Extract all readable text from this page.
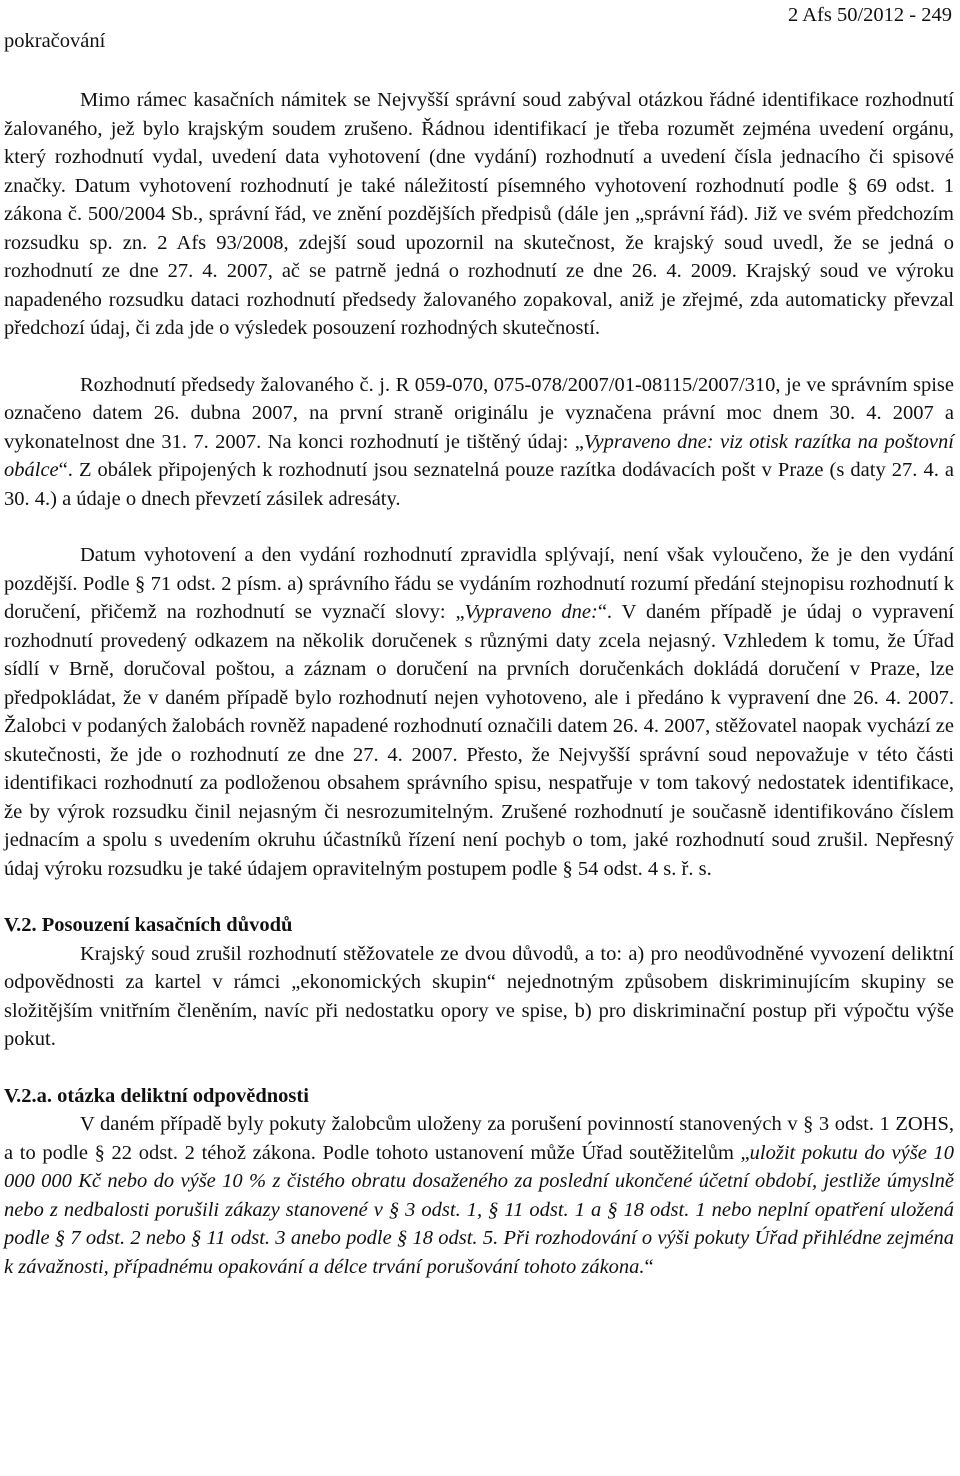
pokračování
2 Afs 50/2012 - 249

Mimo rámec kasačních námitek se Nejvyšší správní soud zabýval otázkou řádné identifikace rozhodnutí žalovaného, jež bylo krajským soudem zrušeno. Řádnou identifikací je třeba rozumět zejména uvedení orgánu, který rozhodnutí vydal, uvedení data vyhotovení (dne vydání) rozhodnutí a uvedení čísla jednacího či spisové značky. Datum vyhotovení rozhodnutí je také náležitostí písemného vyhotovení rozhodnutí podle § 69 odst. 1 zákona č. 500/2004 Sb., správní řád, ve znění pozdějších předpisů (dále jen „správní řád). Již ve svém předchozím rozsudku sp. zn. 2 Afs 93/2008, zdejší soud upozornil na skutečnost, že krajský soud uvedl, že se jedná o rozhodnutí ze dne 27. 4. 2007, ač se patrně jedná o rozhodnutí ze dne 26. 4. 2009. Krajský soud ve výroku napadeného rozsudku dataci rozhodnutí předsedy žalovaného zopakoval, aniž je zřejmé, zda automaticky převzal předchozí údaj, či zda jde o výsledek posouzení rozhodných skutečností.

Rozhodnutí předsedy žalovaného č. j. R 059-070, 075-078/2007/01-08115/2007/310, je ve správním spise označeno datem 26. dubna 2007, na první straně originálu je vyznačena právní moc dnem 30. 4. 2007 a vykonatelnost dne 31. 7. 2007. Na konci rozhodnutí je tištěný údaj: „Vypraveno dne: viz otisk razítka na poštovní obálce“. Z obálek připojených k rozhodnutí jsou seznatelná pouze razítka dodávacích pošt v Praze (s daty 27. 4. a 30. 4.) a údaje o dnech převzetí zásilek adresáty.

Datum vyhotovení a den vydání rozhodnutí zpravidla splývají, není však vyloučeno, že je den vydání pozdější. Podle § 71 odst. 2 písm. a) správního řádu se vydáním rozhodnutí rozumí předání stejnopisu rozhodnutí k doručení, přičemž na rozhodnutí se vyznačí slovy: „Vypraveno dne:“. V daném případě je údaj o vypravení rozhodnutí provedený odkazem na několik doručenek s různými daty zcela nejasný. Vzhledem k tomu, že Úřad sídlí v Brně, doručoval poštou, a záznam o doručení na prvních doručenkách dokládá doručení v Praze, lze předpokládat, že v daném případě bylo rozhodnutí nejen vyhotoveno, ale i předáno k vypravení dne 26. 4. 2007. Žalobci v podaných žalobách rovněž napadené rozhodnutí označili datem 26. 4. 2007, stěžovatel naopak vychází ze skutečnosti, že jde o rozhodnutí ze dne 27. 4. 2007. Přesto, že Nejvyšší správní soud nepovažuje v této části identifikaci rozhodnutí za podloženou obsahem správního spisu, nespatřuje v tom takový nedostatek identifikace, že by výrok rozsudku činil nejasným či nesrozumitelným. Zrušené rozhodnutí je současně identifikováno číslem jednacím a spolu s uvedením okruhu účastníků řízení není pochyb o tom, jaké rozhodnutí soud zrušil. Nepřesný údaj výroku rozsudku je také údajem opravitelným postupem podle § 54 odst. 4 s. ř. s.

V.2. Posouzení kasačních důvodů

Krajský soud zrušil rozhodnutí stěžovatele ze dvou důvodů, a to: a) pro neodůvodněné vyvození deliktní odpovědnosti za kartel v rámci „ekonomických skupin“ nejednotným způsobem diskriminujícím skupiny se složitějším vnitřním členěním, navíc při nedostatku opory ve spise, b) pro diskriminační postup při výpočtu výše pokut.

V.2.a. otázka deliktní odpovědnosti

V daném případě byly pokuty žalobcům uloženy za porušení povinností stanovených v § 3 odst. 1 ZOHS, a to podle § 22 odst. 2 téhož zákona. Podle tohoto ustanovení může Úřad soutěžitelům „uložit pokutu do výše 10 000 000 Kč nebo do výše 10 % z čistého obratu dosaženého za poslední ukončené účetní období, jestliže úmyslně nebo z nedbalosti porušili zákazy stanovené v § 3 odst. 1, § 11 odst. 1 a § 18 odst. 1 nebo neplní opatření uložená podle § 7 odst. 2 nebo § 11 odst. 3 anebo podle § 18 odst. 5. Při rozhodování o výši pokuty Úřad přihlédne zejména k závažnosti, případnému opakování a délce trvání porušování tohoto zákona.“
